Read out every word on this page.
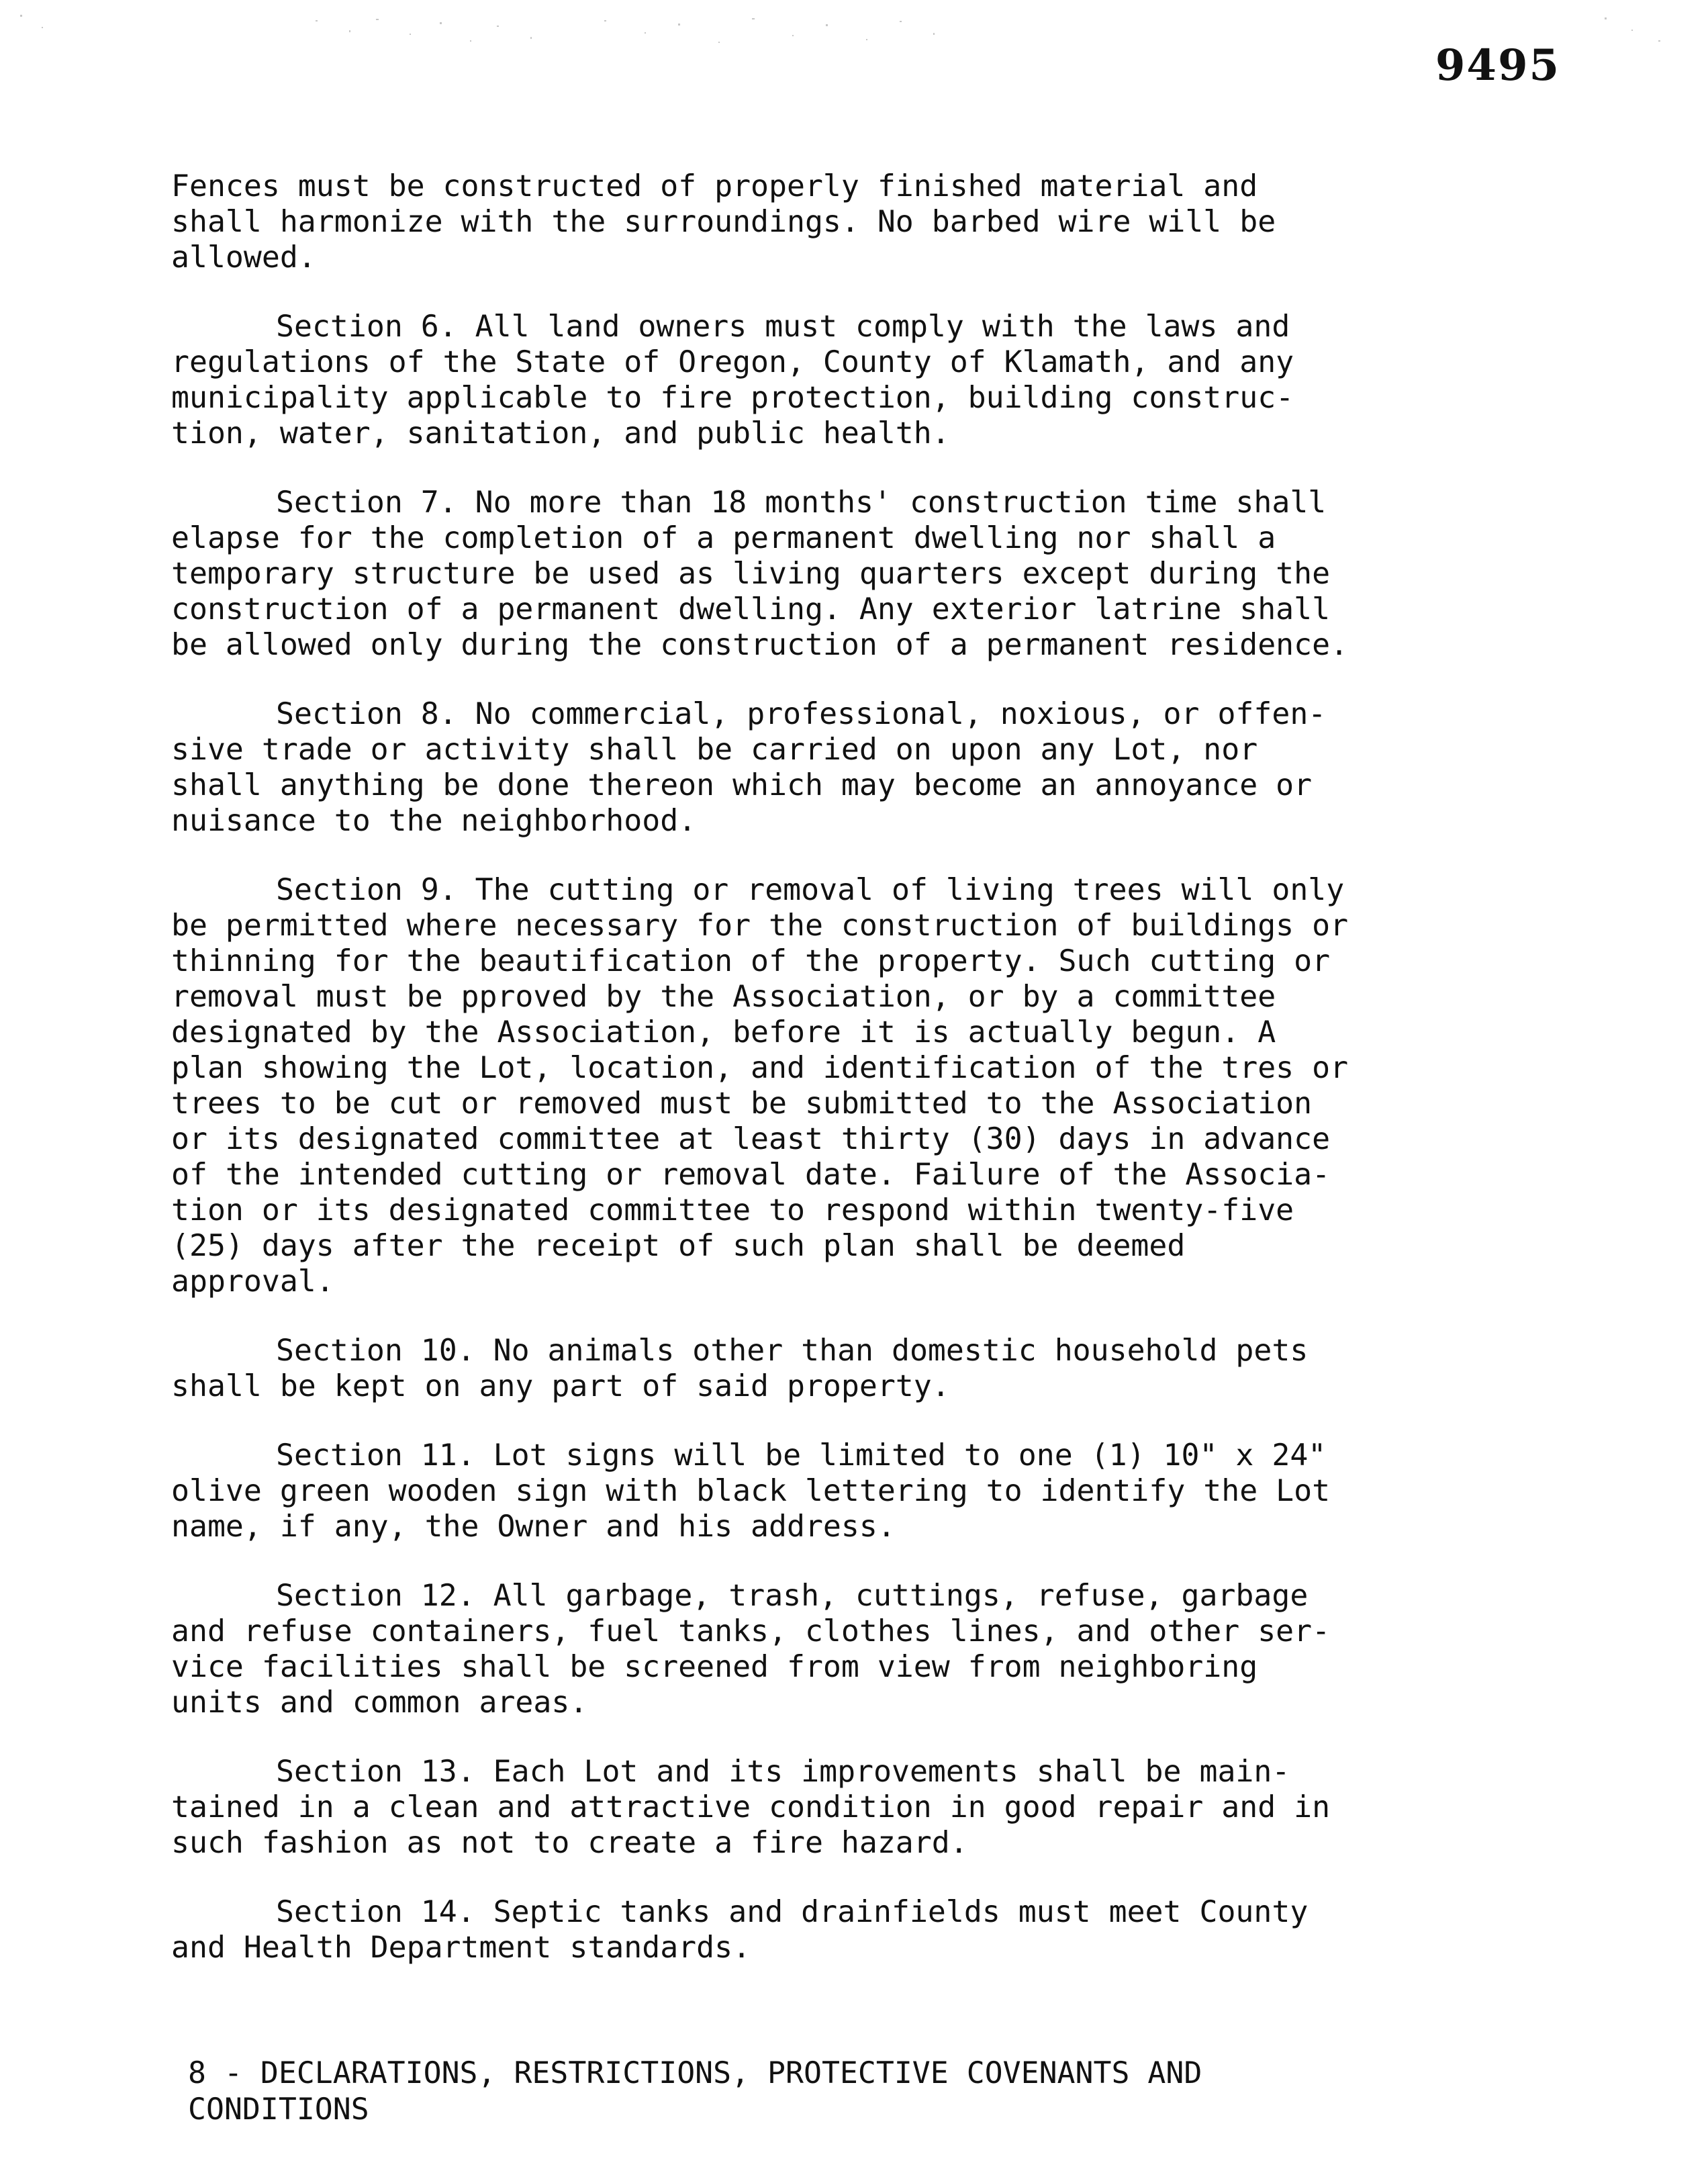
9495

Fences must be constructed of properly finished material and
shall harmonize with the surroundings. No barbed wire will be
allowed.

Section 6. All land owners must comply with the laws and
regulations of the State of Oregon, County of Klamath, and any
municipality applicable to fire protection, building construc-
tion, water, sanitation, and public health.

Section 7. No more than 18 months' construction time shall
elapse for the completion of a permanent dwelling nor shall a
temporary structure be used as living quarters except during the
construction of a permanent dwelling. Any exterior latrine shall
be allowed only during the construction of a permanent residence.

Section 8. No commercial, professional, noxious, or offen-
sive trade or activity shall be carried on upon any Lot, nor
shall anything be done thereon which may become an annoyance or
nuisance to the neighborhood.

Section 9. The cutting or removal of living trees will only
be permitted where necessary for the construction of buildings or
thinning for the beautification of the property. Such cutting or
removal must be pproved by the Association, or by a committee
designated by the Association, before it is actually begun. A
plan showing the Lot, location, and identification of the tres or
trees to be cut or removed must be submitted to the Association
or its designated committee at least thirty (30) days in advance
of the intended cutting or removal date. Failure of the Associa-
tion or its designated committee to respond within twenty-five
(25) days after the receipt of such plan shall be deemed
approval.

Section 10. No animals other than domestic household pets
shall be kept on any part of said property.

Section 11. Lot signs will be limited to one (1) 10" x 24"
olive green wooden sign with black lettering to identify the Lot
name, if any, the Owner and his address.

Section 12. All garbage, trash, cuttings, refuse, garbage
and refuse containers, fuel tanks, clothes lines, and other ser-
vice facilities shall be screened from view from neighboring
units and common areas.

Section 13. Each Lot and its improvements shall be main-
tained in a clean and attractive condition in good repair and in
such fashion as not to create a fire hazard.

Section 14. Septic tanks and drainfields must meet County
and Health Department standards.

8 - DECLARATIONS, RESTRICTIONS, PROTECTIVE COVENANTS AND
CONDITIONS
